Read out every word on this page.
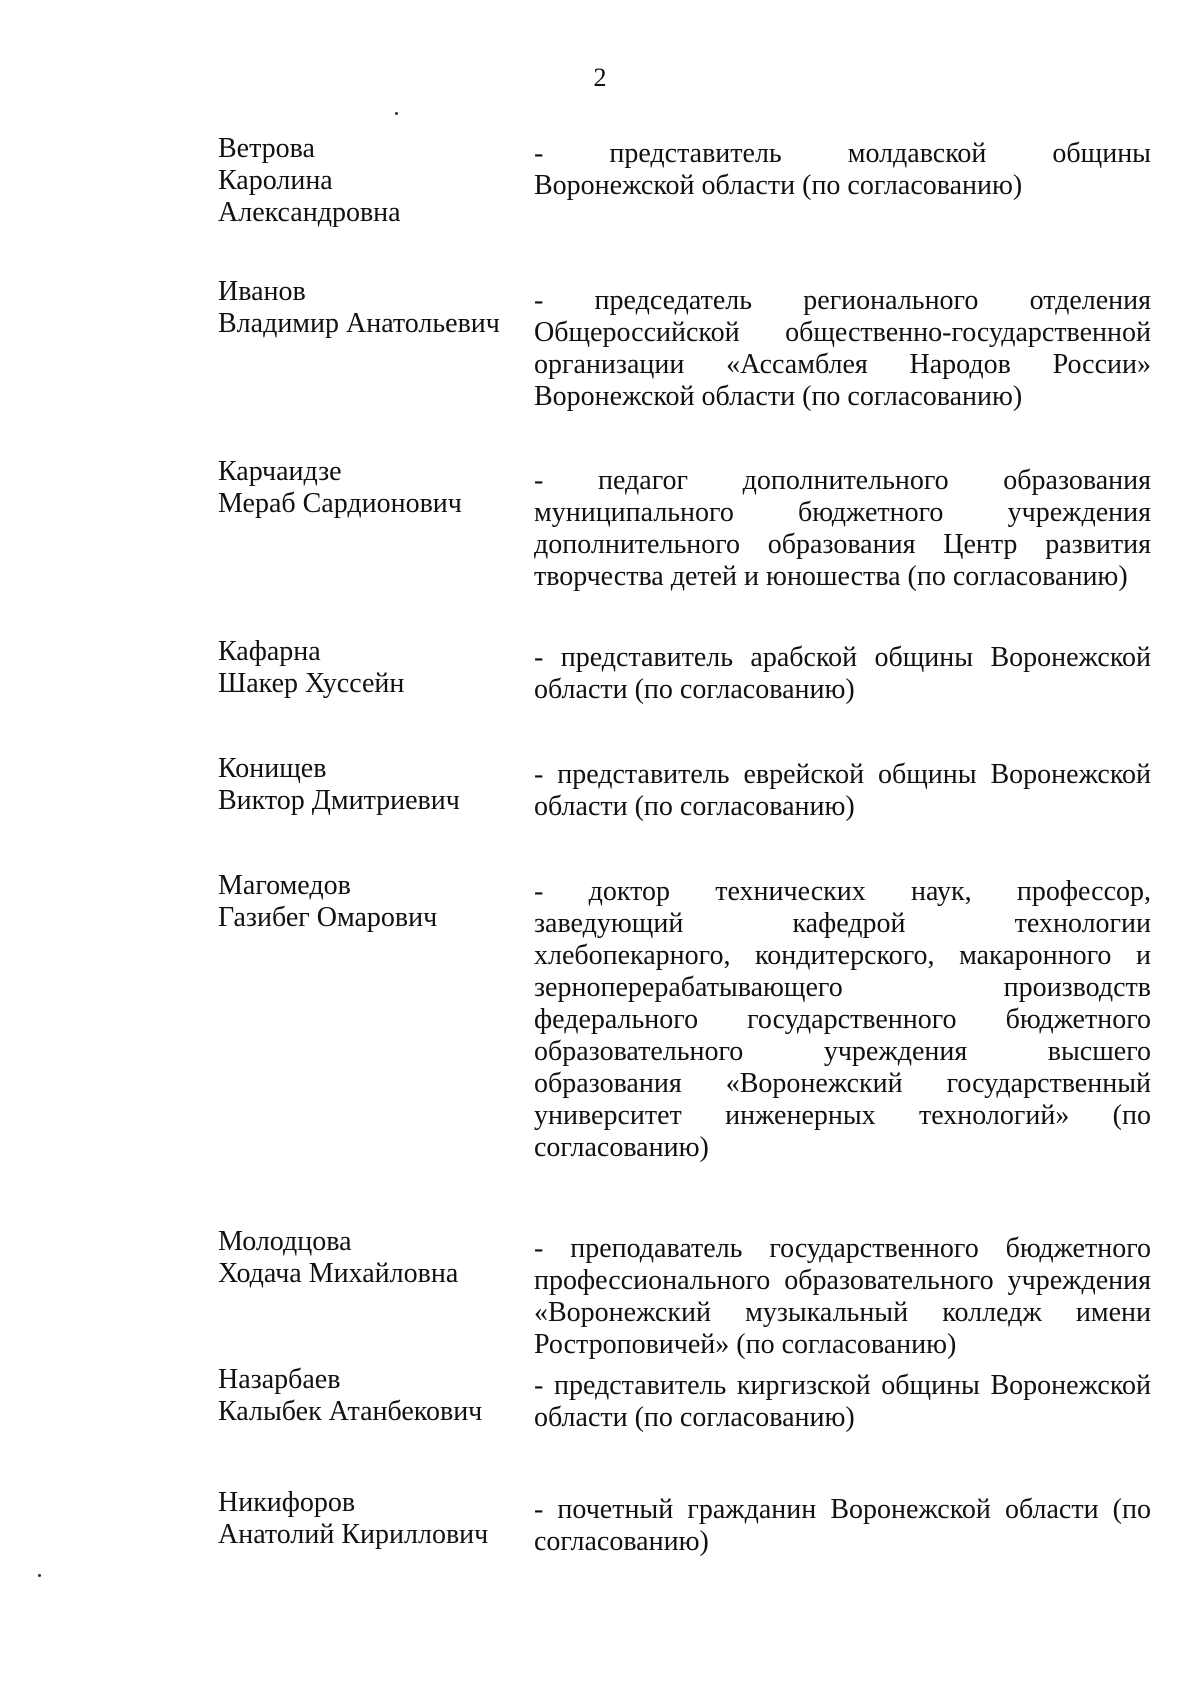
2
Ветрова
Каролина
Александровна
- представитель молдавской общины
Воронежской области (по согласованию)
Иванов
Владимир Анатольевич
- председатель регионального отделения
Общероссийской общественно-государственной
организации «Ассамблея Народов России»
Воронежской области (по согласованию)
Карчаидзе
Мераб Сардионович
- педагог дополнительного образования
муниципального бюджетного учреждения
дополнительного образования Центр развития
творчества детей и юношества (по согласованию)
Кафарна
Шакер Хуссейн
- представитель арабской общины Воронежской
области (по согласованию)
Конищев
Виктор Дмитриевич
- представитель еврейской общины Воронежской
области (по согласованию)
Магомедов
Газибег Омарович
- доктор технических наук, профессор,
заведующий кафедрой технологии
хлебопекарного, кондитерского, макаронного и
зерноперерабатывающего производств
федерального государственного бюджетного
образовательного учреждения высшего
образования «Воронежский государственный
университет инженерных технологий» (по
согласованию)
Молодцова
Ходача Михайловна
- преподаватель государственного бюджетного
профессионального образовательного учреждения
«Воронежский музыкальный колледж имени
Ростроповичей» (по согласованию)
Назарбаев
Калыбек Атанбекович
- представитель киргизской общины Воронежской
области (по согласованию)
Никифоров
Анатолий Кириллович
- почетный гражданин Воронежской области (по
согласованию)
